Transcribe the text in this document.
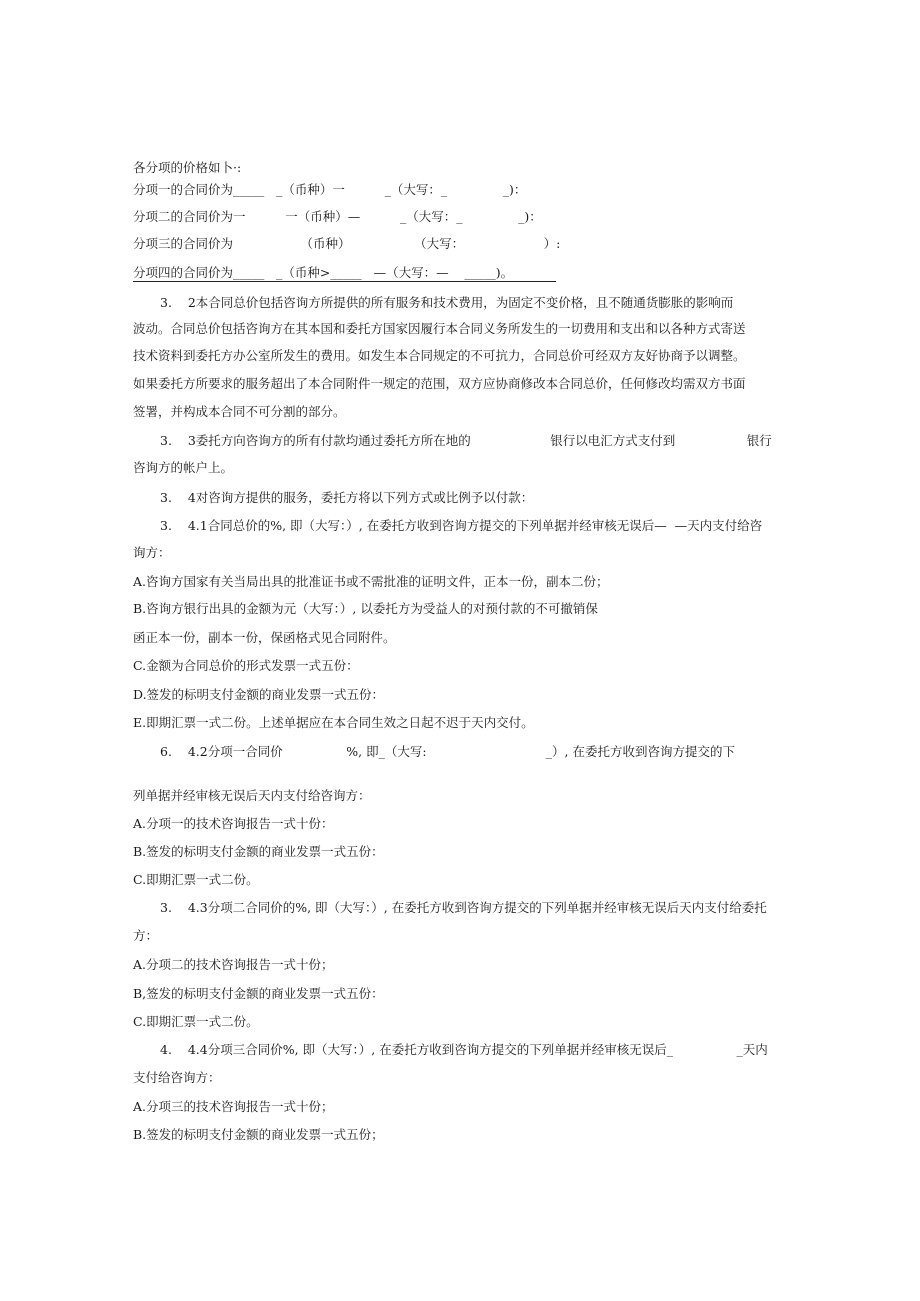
各分项的价格如卜·:
分项一的合同价为_____   _（币种）一          _（大写：_              _)：
分项二的合同价为一          一（币种）—          _（大写：_              _)：
分项三的合同价为                 （币种）                （大写：                    ）:
分项四的合同价为_____   _（币种>_____   —（大写：—    _____)。
3.    2本合同总价包括咨询方所提供的所有服务和技术费用，为固定不变价格，且不随通货膨胀的影响而
波动。合同总价包括咨询方在其本国和委托方国家因履行本合同义务所发生的一切费用和支出和以各种方式寄送
技术资料到委托方办公室所发生的费用。如发生本合同规定的不可抗力，合同总价可经双方友好协商予以调整。
如果委托方所要求的服务超出了本合同附件一规定的范围，双方应协商修改本合同总价，任何修改均需双方书面
签署，并构成本合同不可分割的部分。
3.    3委托方向咨询方的所有付款均通过委托方所在地的                    银行以电汇方式支付到                  银行
咨询方的帐户上。
3.    4对咨询方提供的服务，委托方将以下列方式或比例予以付款：
3.    4.1合同总价的%, 即（大写：）, 在委托方收到咨询方提交的下列单据并经审核无误后—  —天内支付给咨
询方：
A.咨询方国家有关当局出具的批准证书或不需批准的证明文件，正本一份，副本二份；
B.咨询方银行出具的金额为元（大写：）, 以委托方为受益人的对预付款的不可撤销保
函正本一份，副本一份，保函格式见合同附件。
C.金额为合同总价的形式发票一式五份：
D.签发的标明支付金额的商业发票一式五份：
E.即期汇票一式二份。上述单据应在本合同生效之日起不迟于天内交付。
6.    4.2分项一合同价                %, 即_（大写:                              _）, 在委托方收到咨询方提交的下
列单据并经审核无误后天内支付给咨询方：
A.分项一的技术咨询报告一式十份：
B.签发的标明支付金额的商业发票一式五份：
C.即期汇票一式二份。
3.    4.3分项二合同价的%, 即（大写：）, 在委托方收到咨询方提交的下列单据并经审核无误后天内支付给委托
方：
A.分项二的技术咨询报告一式十份；
B,签发的标明支付金额的商业发票一式五份：
C.即期汇票一式二份。
4.    4.4分项三合同价%, 即（大写：）, 在委托方收到咨询方提交的下列单据并经审核无误后_                _天内
支付给咨询方：
A.分项三的技术咨询报告一式十份；
B.签发的标明支付金额的商业发票一式五份；
